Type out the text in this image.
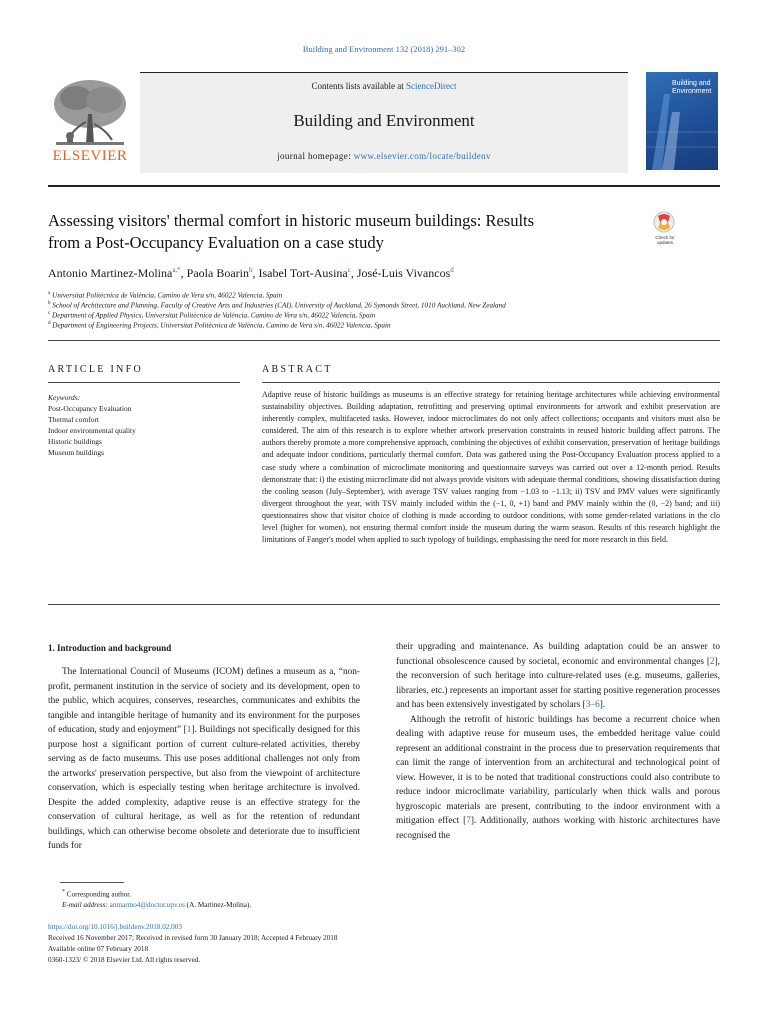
Building and Environment 132 (2018) 291–302
ELSEVIER
Contents lists available at ScienceDirect
Building and Environment
journal homepage: www.elsevier.com/locate/buildenv
Building and
Environment
Assessing visitors' thermal comfort in historic museum buildings: Results
from a Post-Occupancy Evaluation on a case study	Check for
updates
Antonio Martinez-Molina$^{a,*}$, Paola Boarin$^b$, Isabel Tort-Ausina$^c$, José-Luis Vivancos$^d$
$^a$ Universitat Politècnica de València, Camino de Vera s/n, 46022 Valencia, Spain
$^b$ School of Architecture and Planning, Faculty of Creative Arts and Industries (CAI), University of Auckland, 26 Symonds Street, 1010 Auckland, New Zealand
$^c$ Department of Applied Physics, Universitat Politècnica de València, Camino de Vera s/n, 46022 Valencia, Spain
$^d$ Department of Engineering Projects, Universitat Politècnica de València, Camino de Vera s/n, 46022 Valencia, Spain
ARTICLE INFO	ABSTRACT
Keywords:
Post-Occupancy Evaluation
Thermal comfort
Indoor environmental quality
Historic buildings
Museum buildings
Adaptive reuse of historic buildings as museums is an effective strategy for retaining heritage architectures while achieving environmental sustainability objectives. Building adaptation, retrofitting and preserving optimal environments for artwork and exhibit preservation are inherently complex, multifaceted tasks. However, indoor microclimates do not only affect collections; occupants and visitors must also be considered. The aim of this research is to explore whether artwork preservation constraints in reused historic building affect patrons. The authors thereby promote a more comprehensive approach, combining the objectives of exhibit conservation, preservation of heritage buildings and adequate indoor conditions, particularly thermal comfort. Data was gathered using the Post-Occupancy Evaluation process applied to a case study where a combination of microclimate monitoring and questionnaire surveys was carried out over a 12-month period. Results demonstrate that: i) the existing microclimate did not always provide visitors with adequate thermal conditions, showing dissatisfaction during the cooling season (July–September), with average TSV values ranging from −1.03 to −1.13; ii) TSV and PMV values were significantly divergent throughout the year, with TSV mainly included within the (−1, 0, +1) band and PMV mainly within the (0, −2) band; and iii) questionnaires show that visitor choice of clothing is made according to outdoor conditions, with some gender-related variations in the clo level (higher for women), not ensuring thermal comfort inside the museum during the warm season. Results of this research highlight the limitations of Fanger's model when applied to such typology of buildings, emphasising the need for more research in this field.
1. Introduction and background

The International Council of Museums (ICOM) defines a museum as a, “non-profit, permanent institution in the service of society and its development, open to the public, which acquires, conserves, researches, communicates and exhibits the tangible and intangible heritage of humanity and its environment for the purposes of education, study and enjoyment” [1]. Buildings not specifically designed for this purpose host a significant portion of current culture-related activities, thereby serving as de facto museums. This use poses additional challenges not only from the artworks' preservation perspective, but also from the viewpoint of architecture conservation, which is especially testing when heritage architecture is involved. Despite the added complexity, adaptive reuse is an effective strategy for the conservation of cultural heritage, as well as for the retention of redundant buildings, which can otherwise become obsolete and deteriorate due to insufficient funds for

their upgrading and maintenance. As building adaptation could be an answer to functional obsolescence caused by societal, economic and environmental changes [2], the reconversion of such heritage into culture-related uses (e.g. museums, galleries, libraries, etc.) represents an important asset for starting positive regeneration processes and has been extensively investigated by scholars [3–6].

Although the retrofit of historic buildings has become a recurrent choice when dealing with adaptive reuse for museum uses, the embedded heritage value could represent an additional constraint in the process due to preservation requirements that can limit the range of intervention from an architectural and technological point of view. However, it is to be noted that traditional constructions could also contribute to reduce indoor microclimate variability, particularly when thick walls and porous hygroscopic materials are present, contributing to the indoor environment with a mitigation effect [7]. Additionally, authors working with historic architectures have recognised the

* Corresponding author.
E-mail address: anmarmo4@doctor.upv.es (A. Martinez-Molina).
https://doi.org/10.1016/j.buildenv.2018.02.003
Received 16 November 2017; Received in revised form 30 January 2018; Accepted 4 February 2018
Available online 07 February 2018
0360-1323/ © 2018 Elsevier Ltd. All rights reserved.
